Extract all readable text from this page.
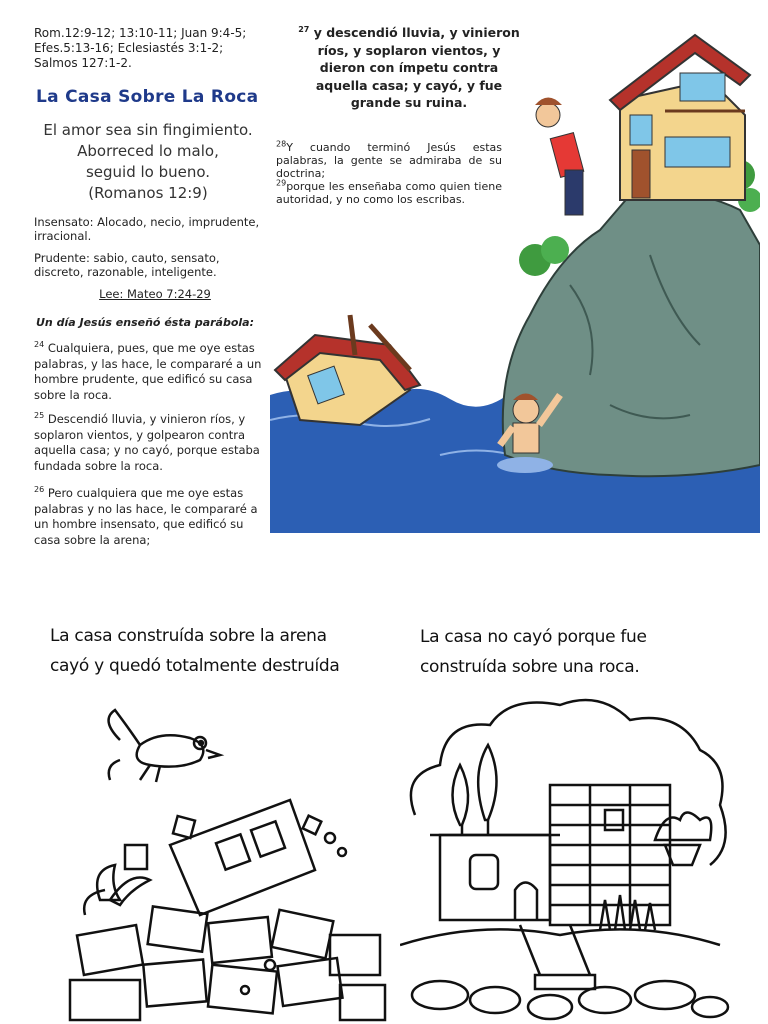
Rom.12:9-12; 13:10-11; Juan 9:4-5; Efes.5:13-16; Eclesiastés 3:1-2; Salmos 127:1-2.
La Casa Sobre La Roca
El amor sea sin fingimiento.
Aborreced lo malo,
seguid lo bueno.
(Romanos 12:9)
Insensato: Alocado, necio, imprudente, irracional.
Prudente: sabio, cauto, sensato, discreto, razonable, inteligente.
Lee: Mateo 7:24-29
Un día Jesús enseñó ésta parábola:
$^{24}$ Cualquiera, pues, que me oye estas palabras, y las hace, le compararé a un hombre prudente, que edificó su casa sobre la roca.
$^{25}$ Descendió lluvia, y vinieron ríos, y soplaron vientos, y golpearon contra aquella casa; y no cayó, porque estaba fundada sobre la roca.
$^{26}$ Pero cualquiera que me oye estas palabras y no las hace, le compararé a un hombre insensato, que edificó su casa sobre la arena;
$^{27}$ y descendió lluvia, y vinieron ríos, y soplaron vientos, y dieron con ímpetu contra aquella casa; y cayó, y fue grande su ruina.
$^{28}$Y cuando terminó Jesús estas palabras, la gente se admiraba de su doctrina;
$^{29}$porque les enseñaba como quien tiene autoridad, y no como los escribas.
La casa construída sobre la arena
cayó y quedó totalmente destruída
La casa no cayó porque fue
construída sobre una roca.
